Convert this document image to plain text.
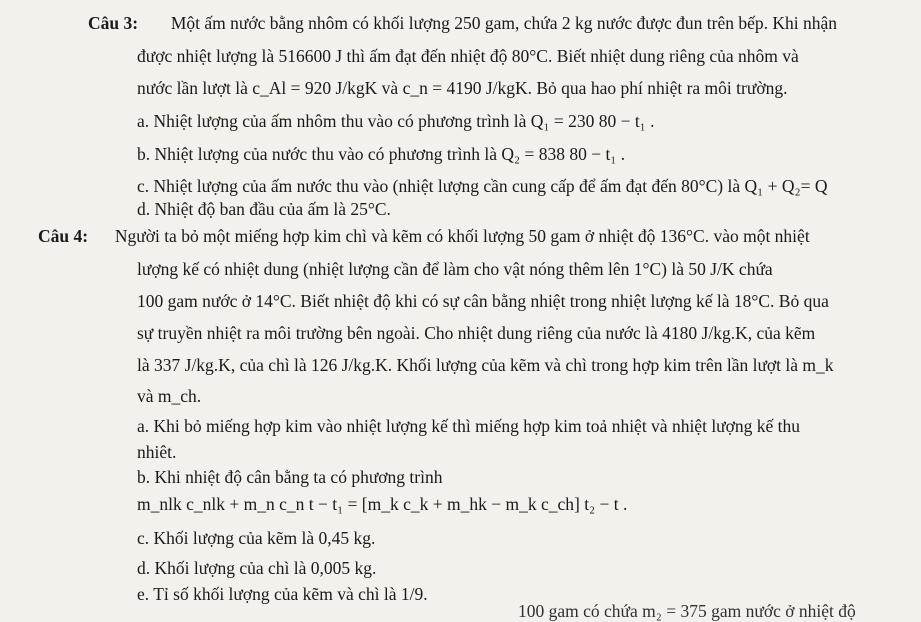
Câu 3: Một ấm nước bằng nhôm có khối lượng 250 gam, chứa 2 kg nước được đun trên bếp. Khi nhận
được nhiệt lượng là 516600 J thì ấm đạt đến nhiệt độ 80°C. Biết nhiệt dung riêng của nhôm và
nước lần lượt là c_Al = 920 J/kgK và c_n = 4190 J/kgK. Bỏ qua hao phí nhiệt ra môi trường.
a. Nhiệt lượng của ấm nhôm thu vào có phương trình là Q₁ = 230 80 − t₁ .
b. Nhiệt lượng của nước thu vào có phương trình là Q₂ = 838 80 − t₁ .
c. Nhiệt lượng của ấm nước thu vào (nhiệt lượng cần cung cấp để ấm đạt đến 80°C) là Q₁ + Q₂= Q
d. Nhiệt độ ban đầu của ấm là 25°C.
Câu 4: Người ta bỏ một miếng hợp kim chì và kẽm có khối lượng 50 gam ở nhiệt độ 136°C. vào một nhiệt
lượng kế có nhiệt dung (nhiệt lượng cần để làm cho vật nóng thêm lên 1°C) là 50 J/K chứa
100 gam nước ở 14°C. Biết nhiệt độ khi có sự cân bằng nhiệt trong nhiệt lượng kế là 18°C. Bỏ qua
sự truyền nhiệt ra môi trường bên ngoài. Cho nhiệt dung riêng của nước là 4180 J/kg.K, của kẽm
là 337 J/kg.K, của chì là 126 J/kg.K. Khối lượng của kẽm và chì trong hợp kim trên lần lượt là m_k
và m_ch.
a. Khi bỏ miếng hợp kim vào nhiệt lượng kế thì miếng hợp kim toả nhiệt và nhiệt lượng kế thu
nhiêt.
b. Khi nhiệt độ cân bằng ta có phương trình
m_nlk c_nlk + m_n c_n t − t₁ = [m_k c_k + m_hk − m_k c_ch] t₂ − t .
c. Khối lượng của kẽm là 0,45 kg.
d. Khối lượng của chì là 0,005 kg.
e. Tỉ số khối lượng của kẽm và chì là 1/9.
100 gam có chứa m₂ = 375 gam nước ở nhiệt độ
